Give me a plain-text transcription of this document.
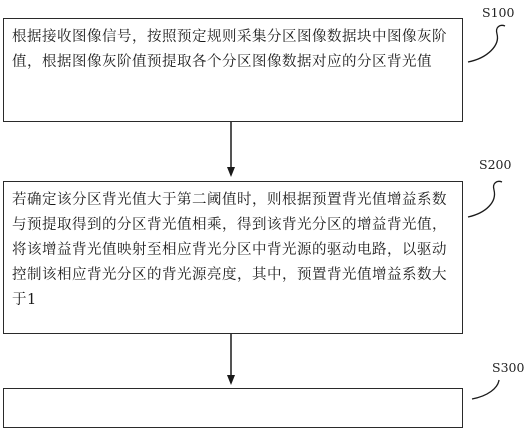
根据接收图像信号，按照预定规则采集分区图像数据块中图像灰阶值，根据图像灰阶值预提取各个分区图像数据对应的分区背光值
若确定该分区背光值大于第二阈值时，则根据预置背光值增益系数与预提取得到的分区背光值相乘，得到该背光分区的增益背光值，将该增益背光值映射至相应背光分区中背光源的驱动电路，以驱动控制该相应背光分区的背光源亮度，其中，预置背光值增益系数大于1
S100
S200
S300
